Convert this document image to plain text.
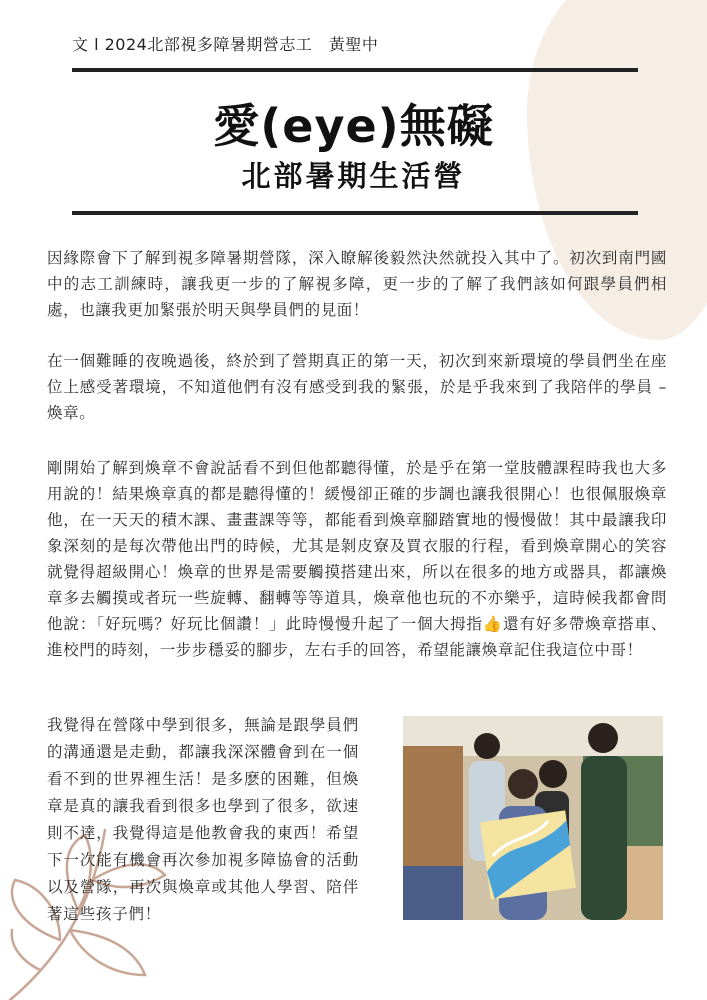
文 l 2024北部視多障暑期營志工　黃聖中
愛(eye)無礙
北部暑期生活營
因緣際會下了解到視多障暑期營隊，深入瞭解後毅然決然就投入其中了。初次到南門國中的志工訓練時，讓我更一步的了解視多障，更一步的了解了我們該如何跟學員們相處，也讓我更加緊張於明天與學員們的見面！
在一個難睡的夜晚過後，終於到了營期真正的第一天，初次到來新環境的學員們坐在座位上感受著環境，不知道他們有沒有感受到我的緊張，於是乎我來到了我陪伴的學員 – 煥章。
剛開始了解到煥章不會說話看不到但他都聽得懂，於是乎在第一堂肢體課程時我也大多用說的！結果煥章真的都是聽得懂的！緩慢卻正確的步調也讓我很開心！也很佩服煥章他，在一天天的積木課、畫畫課等等，都能看到煥章腳踏實地的慢慢做！其中最讓我印象深刻的是每次帶他出門的時候，尤其是剝皮寮及買衣服的行程，看到煥章開心的笑容就覺得超級開心！煥章的世界是需要觸摸搭建出來，所以在很多的地方或器具，都讓煥章多去觸摸或者玩一些旋轉、翻轉等等道具，煥章他也玩的不亦樂乎，這時候我都會問他說：「好玩嗎？好玩比個讚！」此時慢慢升起了一個大拇指👍還有好多帶煥章搭車、進校門的時刻，一步步穩妥的腳步，左右手的回答，希望能讓煥章記住我這位中哥！
我覺得在營隊中學到很多，無論是跟學員們的溝通還是走動，都讓我深深體會到在一個看不到的世界裡生活！是多麽的困難，但煥章是真的讓我看到很多也學到了很多，欲速則不達，我覺得這是他教會我的東西！希望下一次能有機會再次參加視多障協會的活動以及營隊，再次與煥章或其他人學習、陪伴著這些孩子們！
